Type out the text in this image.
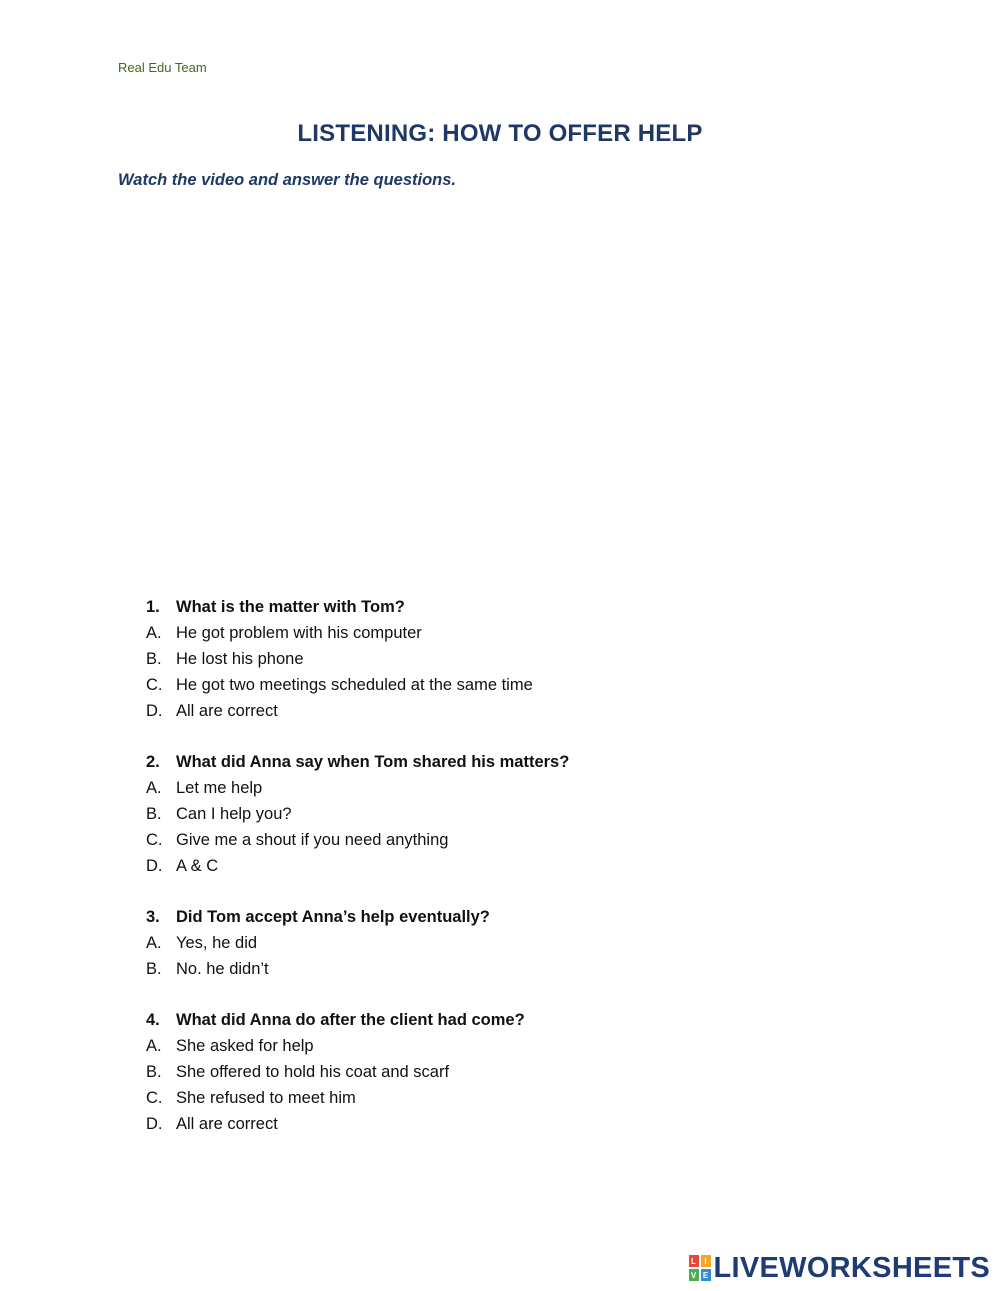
Real Edu Team
LISTENING: HOW TO OFFER HELP
Watch the video and answer the questions.
1. What is the matter with Tom?
A. He got problem with his computer
B. He lost his phone
C. He got two meetings scheduled at the same time
D. All are correct
2. What did Anna say when Tom shared his matters?
A. Let me help
B. Can I help you?
C. Give me a shout if you need anything
D. A & C
3. Did Tom accept Anna’s help eventually?
A. Yes, he did
B. No. he didn’t
4. What did Anna do after the client had come?
A. She asked for help
B. She offered to hold his coat and scarf
C. She refused to meet him
D. All are correct
L	I
V E LIVEWORKSHEETS
